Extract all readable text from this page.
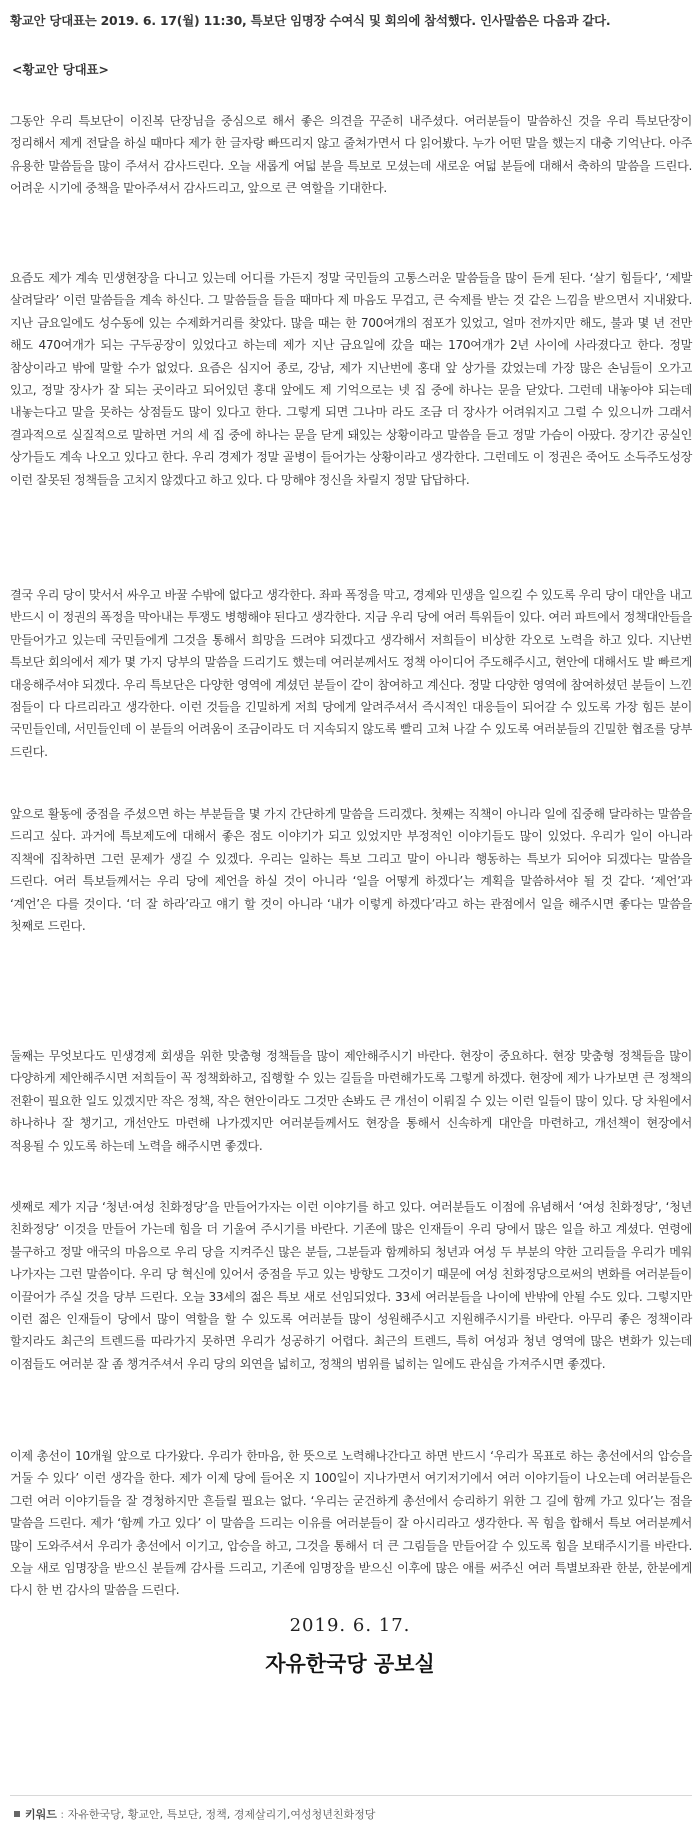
황교안 당대표는 2019. 6. 17(월) 11:30, 특보단 임명장 수여식 및 회의에 참석했다. 인사말씀은 다음과 같다.
<황교안 당대표>

그동안 우리 특보단이 이진복 단장님을 중심으로 해서 좋은 의견을 꾸준히 내주셨다. 여러분들이 말씀하신 것을 우리 특보단장이 정리해서 제게 전달을 하실 때마다 제가 한 글자랑 빠뜨리지 않고 줄쳐가면서 다 읽어봤다. 누가 어떤 말을 했는지 대충 기억난다. 아주 유용한 말씀들을 많이 주셔서 감사드린다. 오늘 새롭게 여덟 분을 특보로 모셨는데 새로운 여덟 분들에 대해서 축하의 말씀을 드린다. 어려운 시기에 중책을 맡아주셔서 감사드리고, 앞으로 큰 역할을 기대한다.

요즘도 제가 계속 민생현장을 다니고 있는데 어디를 가든지 정말 국민들의 고통스러운 말씀들을 많이 듣게 된다. ‘살기 힘들다’, ‘제발 살려달라’ 이런 말씀들을 계속 하신다. 그 말씀들을 들을 때마다 제 마음도 무겁고, 큰 숙제를 받는 것 같은 느낌을 받으면서 지내왔다. 지난 금요일에도 성수동에 있는 수제화거리를 찾았다. 많을 때는 한 700여개의 점포가 있었고, 얼마 전까지만 해도, 불과 몇 년 전만 해도 470여개가 되는 구두공장이 있었다고 하는데 제가 지난 금요일에 갔을 때는 170여개가 2년 사이에 사라졌다고 한다. 정말 참상이라고 밖에 말할 수가 없었다. 요즘은 심지어 종로, 강남, 제가 지난번에 홍대 앞 상가를 갔었는데 가장 많은 손님들이 오가고 있고, 정말 장사가 잘 되는 곳이라고 되어있던 홍대 앞에도 제 기억으로는 넷 집 중에 하나는 문을 닫았다. 그런데 내놓아야 되는데 내놓는다고 말을 못하는 상점들도 많이 있다고 한다. 그렇게 되면 그나마 라도 조금 더 장사가 어려워지고 그럴 수 있으니까 그래서 결과적으로 실질적으로 말하면 거의 세 집 중에 하나는 문을 닫게 돼있는 상황이라고 말씀을 듣고 정말 가슴이 아팠다. 장기간 공실인 상가들도 계속 나오고 있다고 한다. 우리 경제가 정말 골병이 들어가는 상황이라고 생각한다. 그런데도 이 정권은 죽어도 소득주도성장 이런 잘못된 정책들을 고치지 않겠다고 하고 있다. 다 망해야 정신을 차릴지 정말 답답하다.

결국 우리 당이 맞서서 싸우고 바꿀 수밖에 없다고 생각한다. 좌파 폭정을 막고, 경제와 민생을 일으킬 수 있도록 우리 당이 대안을 내고 반드시 이 정권의 폭정을 막아내는 투쟁도 병행해야 된다고 생각한다. 지금 우리 당에 여러 특위들이 있다. 여러 파트에서 정책대안들을 만들어가고 있는데 국민들에게 그것을 통해서 희망을 드려야 되겠다고 생각해서 저희들이 비상한 각오로 노력을 하고 있다. 지난번 특보단 회의에서 제가 몇 가지 당부의 말씀을 드리기도 했는데 여러분께서도 정책 아이디어 주도해주시고, 현안에 대해서도 발 빠르게 대응해주셔야 되겠다. 우리 특보단은 다양한 영역에 계셨던 분들이 같이 참여하고 계신다. 정말 다양한 영역에 참여하셨던 분들이 느낀 점들이 다 다르리라고 생각한다. 이런 것들을 긴밀하게 저희 당에게 알려주셔서 즉시적인 대응들이 되어갈 수 있도록 가장 힘든 분이 국민들인데, 서민들인데 이 분들의 어려움이 조금이라도 더 지속되지 않도록 빨리 고쳐 나갈 수 있도록 여러분들의 긴밀한 협조를 당부 드린다.

앞으로 활동에 중점을 주셨으면 하는 부분들을 몇 가지 간단하게 말씀을 드리겠다. 첫째는 직책이 아니라 일에 집중해 달라하는 말씀을 드리고 싶다. 과거에 특보제도에 대해서 좋은 점도 이야기가 되고 있었지만 부정적인 이야기들도 많이 있었다. 우리가 일이 아니라 직책에 집착하면 그런 문제가 생길 수 있겠다. 우리는 일하는 특보 그리고 말이 아니라 행동하는 특보가 되어야 되겠다는 말씀을 드린다. 여러 특보들께서는 우리 당에 제언을 하실 것이 아니라 ‘일을 어떻게 하겠다’는 계획을 말씀하셔야 될 것 같다. ‘제언’과 ‘계언’은 다를 것이다. ‘더 잘 하라’라고 얘기 할 것이 아니라 ‘내가 이렇게 하겠다’라고 하는 관점에서 일을 해주시면 좋다는 말씀을 첫째로 드린다.

둘째는 무엇보다도 민생경제 회생을 위한 맞춤형 정책들을 많이 제안해주시기 바란다. 현장이 중요하다. 현장 맞춤형 정책들을 많이 다양하게 제안해주시면 저희들이 꼭 정책화하고, 집행할 수 있는 길들을 마련해가도록 그렇게 하겠다. 현장에 제가 나가보면 큰 정책의 전환이 필요한 일도 있겠지만 작은 정책, 작은 현안이라도 그것만 손봐도 큰 개선이 이뤄질 수 있는 이런 일들이 많이 있다. 당 차원에서 하나하나 잘 챙기고, 개선안도 마련해 나가겠지만 여러분들께서도 현장을 통해서 신속하게 대안을 마련하고, 개선책이 현장에서 적용될 수 있도록 하는데 노력을 해주시면 좋겠다.

셋째로 제가 지금 ‘청년·여성 친화정당’을 만들어가자는 이런 이야기를 하고 있다. 여러분들도 이점에 유념해서 ‘여성 친화정당’, ‘청년 친화정당’ 이것을 만들어 가는데 힘을 더 기울여 주시기를 바란다. 기존에 많은 인재들이 우리 당에서 많은 일을 하고 계셨다. 연령에 불구하고 정말 애국의 마음으로 우리 당을 지켜주신 많은 분들, 그분들과 함께하되 청년과 여성 두 부분의 약한 고리들을 우리가 메워 나가자는 그런 말씀이다. 우리 당 혁신에 있어서 중점을 두고 있는 방향도 그것이기 때문에 여성 친화정당으로써의 변화를 여러분들이 이끌어가 주실 것을 당부 드린다. 오늘 33세의 젊은 특보 새로 선임되었다. 33세 여러분들을 나이에 반밖에 안될 수도 있다. 그렇지만 이런 젊은 인재들이 당에서 많이 역할을 할 수 있도록 여러분들 많이 성원해주시고 지원해주시기를 바란다. 아무리 좋은 정책이라 할지라도 최근의 트렌드를 따라가지 못하면 우리가 성공하기 어렵다. 최근의 트렌드, 특히 여성과 청년 영역에 많은 변화가 있는데 이점들도 여러분 잘 좀 챙겨주셔서 우리 당의 외연을 넓히고, 정책의 범위를 넓히는 일에도 관심을 가져주시면 좋겠다.

이제 총선이 10개월 앞으로 다가왔다. 우리가 한마음, 한 뜻으로 노력해나간다고 하면 반드시 ‘우리가 목표로 하는 총선에서의 압승을 거둘 수 있다’ 이런 생각을 한다. 제가 이제 당에 들어온 지 100일이 지나가면서 여기저기에서 여러 이야기들이 나오는데 여러분들은 그런 여러 이야기들을 잘 경청하지만 흔들릴 필요는 없다. ‘우리는 굳건하게 총선에서 승리하기 위한 그 길에 함께 가고 있다’는 점을 말씀을 드린다. 제가 ‘함께 가고 있다’ 이 말씀을 드리는 이유를 여러분들이 잘 아시리라고 생각한다. 꼭 힘을 합해서 특보 여러분께서 많이 도와주셔서 우리가 총선에서 이기고, 압승을 하고, 그것을 통해서 더 큰 그림들을 만들어갈 수 있도록 힘을 보태주시기를 바란다. 오늘 새로 임명장을 받으신 분들께 감사를 드리고, 기존에 임명장을 받으신 이후에 많은 애를 써주신 여러 특별보좌관 한분, 한분에게 다시 한 번 감사의 말씀을 드린다.

2019. 6. 17.
자유한국당 공보실
키워드 : 자유한국당, 황교안, 특보단, 정책, 경제살리기,여성청년친화정당
